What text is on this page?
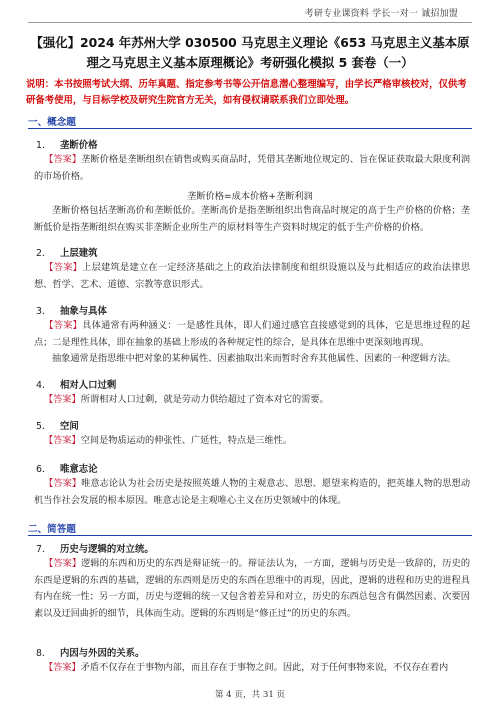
考研专业课资料 学长一对一 诚招加盟
【强化】2024 年苏州大学 030500 马克思主义理论《653 马克思主义基本原理之马克思主义基本原理概论》考研强化模拟 5 套卷（一）
说明：本书按照考试大纲、历年真题、指定参考书等公开信息潜心整理编写，由学长严格审核校对，仅供考研备考使用，与目标学校及研究生院官方无关，如有侵权请联系我们立即处理。
一、概念题
1． 垄断价格
【答案】垄断价格是垄断组织在销售或购买商品时，凭借其垄断地位规定的、旨在保证获取最大限度利润的市场价格。
垄断价格=成本价格+垄断利润
垄断价格包括垄断高价和垄断低价。垄断高价是指垄断组织出售商品时规定的高于生产价格的价格；垄断低价是指垄断组织在购买非垄断企业所生产的原材料等生产资料时规定的低于生产价格的价格。
2． 上层建筑
【答案】上层建筑是建立在一定经济基础之上的政治法律制度和组织设施以及与此相适应的政治法律思想、哲学、艺术、道德、宗教等意识形式。
3． 抽象与具体
【答案】具体通常有两种涵义：一是感性具体，即人们通过感官直接感觉到的具体，它是思维过程的起点；二是理性具体，即在抽象的基础上形成的各种规定性的综合，是具体在思维中更深刻地再现。
抽象通常是指思维中把对象的某种属性、因素抽取出来而暂时舍弃其他属性、因素的一种逻辑方法。
4． 相对人口过剩
【答案】所谓相对人口过剩，就是劳动力供给超过了资本对它的需要。
5． 空间
【答案】空间是物质运动的伸张性、广延性，特点是三维性。
6． 唯意志论
【答案】唯意志论认为社会历史是按照英雄人物的主观意志、思想、愿望来构造的，把英雄人物的思想动机当作社会发展的根本原因。唯意志论是主观唯心主义在历史领域中的体现。
二、简答题
7． 历史与逻辑的对立统。
【答案】逻辑的东西和历史的东西是辩证统一的。辩证法认为，一方面，逻辑与历史是一致辞的，历史的东西是逻辑的东西的基础，逻辑的东西则是历史的东西在思维中的再现，因此，逻辑的进程和历史的进程具有内在统一性；另一方面，历史与逻辑的统一又包含着差异和对立，历史的东西总包含有偶然因素、次要因素以及迂回曲折的细节，具体而生动。逻辑的东西则是“修正过”的历史的东西。
8． 内因与外因的关系。
【答案】矛盾不仅存在于事物内部，而且存在于事物之间。因此，对于任何事物来说，不仅存在着内
第 4 页，共 31 页
